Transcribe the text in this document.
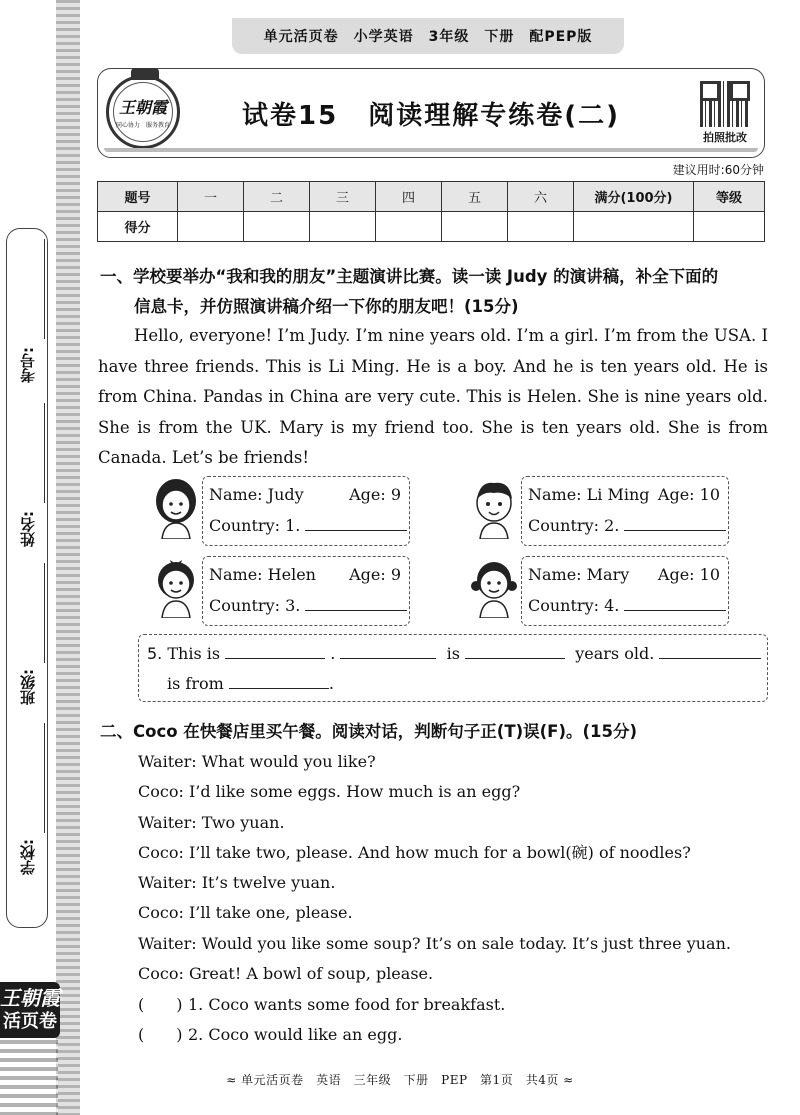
考号:
姓名:
班级:
学校:
王朝霞
活页卷
单元活页卷　小学英语　3年级　下册　配PEP版
王朝霞
同心协力　服务教育	试卷15 阅读理解专练卷(二)
拍照批改
建议用时:60分钟
题号	一	二	三	四	五	六	满分(100分)	等级
得分								
一、学校要举办“我和我的朋友”主题演讲比赛。读一读 Judy 的演讲稿，补全下面的
信息卡，并仿照演讲稿介绍一下你的朋友吧！(15分)
Hello, everyone! I’m Judy. I’m nine years old. I’m a girl. I’m from the USA. I have three friends. This is Li Ming. He is a boy. And he is ten years old. He is from China. Pandas in China are very cute. This is Helen. She is nine years old. She is from the UK. Mary is my friend too. She is ten years old. She is from Canada. Let’s be friends!
Name: Judy	Age: 9
Country: 1.
Name: Li Ming Age: 10
Country: 2.
Name: Helen Age: 9
Country: 3.
Name: Mary Age: 10
Country: 4.
5. This is	.	is	years old.
is from	.
二、Coco 在快餐店里买午餐。阅读对话，判断句子正(T)误(F)。(15分)
Waiter: What would you like?
Coco: I’d like some eggs. How much is an egg?
Waiter: Two yuan.
Coco: I’ll take two, please. And how much for a bowl(碗) of noodles?
Waiter: It’s twelve yuan.
Coco: I’ll take one, please.
Waiter: Would you like some soup? It’s on sale today. It’s just three yuan.
Coco: Great! A bowl of soup, please.
(　　) 1. Coco wants some food for breakfast.
(　　) 2. Coco would like an egg.
≈ 单元活页卷　英语　三年级　下册　PEP　第1页　共4页 ≈
